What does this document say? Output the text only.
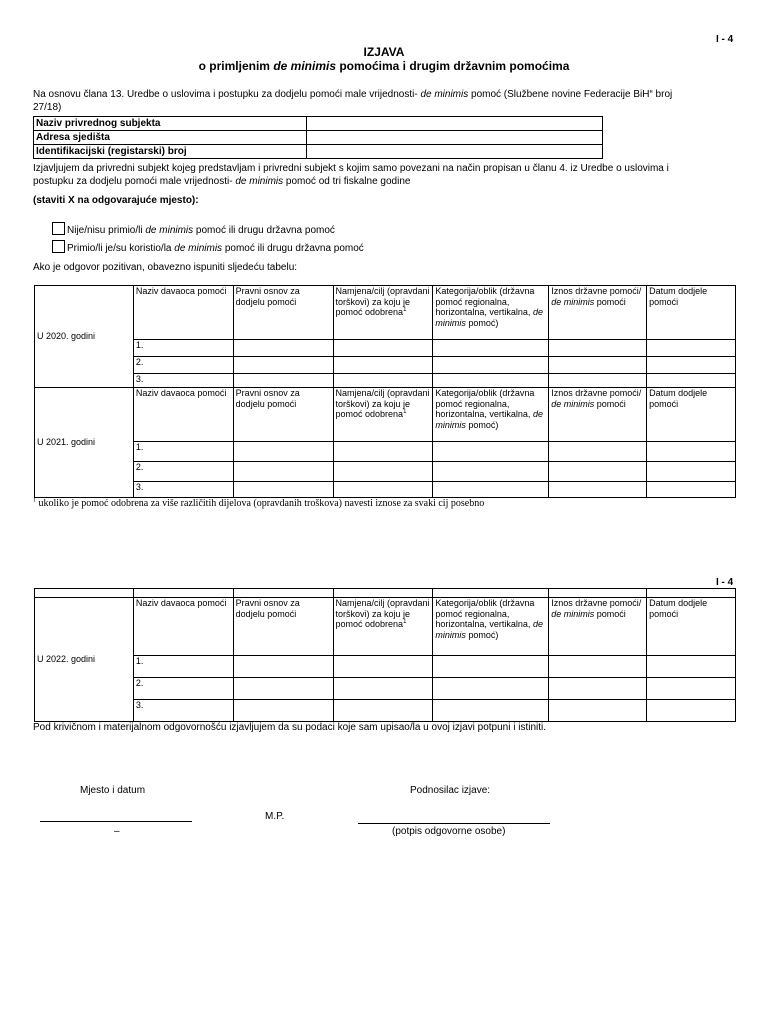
I - 4
IZJAVA
o primljenim de minimis pomoćima i drugim državnim pomoćima
Na osnovu člana 13. Uredbe o uslovima i postupku za dodjelu pomoći male vrijednosti- de minimis pomoć (Službene novine Federacije BiH“ broj
27/18)
Naziv privrednog subjekta	
Adresa sjedišta	
Identifikacijski (registarski) broj	
Izjavljujem da privredni subjekt kojeg predstavljam i privredni subjekt s kojim samo povezani na način propisan u članu 4. iz Uredbe o uslovima i
postupku za dodjelu pomoći male vrijednosti- de minimis pomoć od tri fiskalne godine
(staviti X na odgovarajuće mjesto):
Nije/nisu primio/li de minimis pomoć ili drugu državna pomoć
Primio/li je/su koristio/la de minimis pomoć ili drugu državna pomoć
Ako je odgovor pozitivan, obavezno ispuniti sljedeću tabelu:
U 2020. godini	Naziv davaoca pomoći	Pravni osnov za dodjelu pomoći	Namjena/cilj (opravdani torškovi) za koju je pomoć odobrena$^1$	Kategorija/oblik (državna pomoć regionalna, horizontalna, vertikalna, de minimis pomoć)	Iznos državne pomoći/ de minimis pomoći	Datum dodjele pomoći
	1.					
	2.					
	3.					
U 2021. godini	Naziv davaoca pomoći	Pravni osnov za dodjelu pomoći	Namjena/cilj (opravdani torškovi) za koju je pomoć odobrena$^1$	Kategorija/oblik (državna pomoć regionalna, horizontalna, vertikalna, de minimis pomoć)	Iznos državne pomoći/ de minimis pomoći	Datum dodjele pomoći
	1.					
	2.					
	3.					
$^1$ ukoliko je pomoć odobrena za više različitih dijelova (opravdanih troškova) navesti iznose za svaki cij posebno
I - 4

U 2022. godini	Naziv davaoca pomoći	Pravni osnov za dodjelu pomoći	Namjena/cilj (opravdani torškovi) za koju je pomoć odobrena$^1$	Kategorija/oblik (državna pomoć regionalna, horizontalna, vertikalna, de minimis pomoć)	Iznos državne pomoći/ de minimis pomoći	Datum dodjele pomoći
	1.					
	2.					
	3.					
Pod krivičnom i materijalnom odgovornošću izjavljujem da su podaci koje sam upisao/la u ovoj izjavi potpuni i istiniti.
Mjesto i datum	Podnosilac izjave:
–
M.P.
(potpis odgovorne osobe)
